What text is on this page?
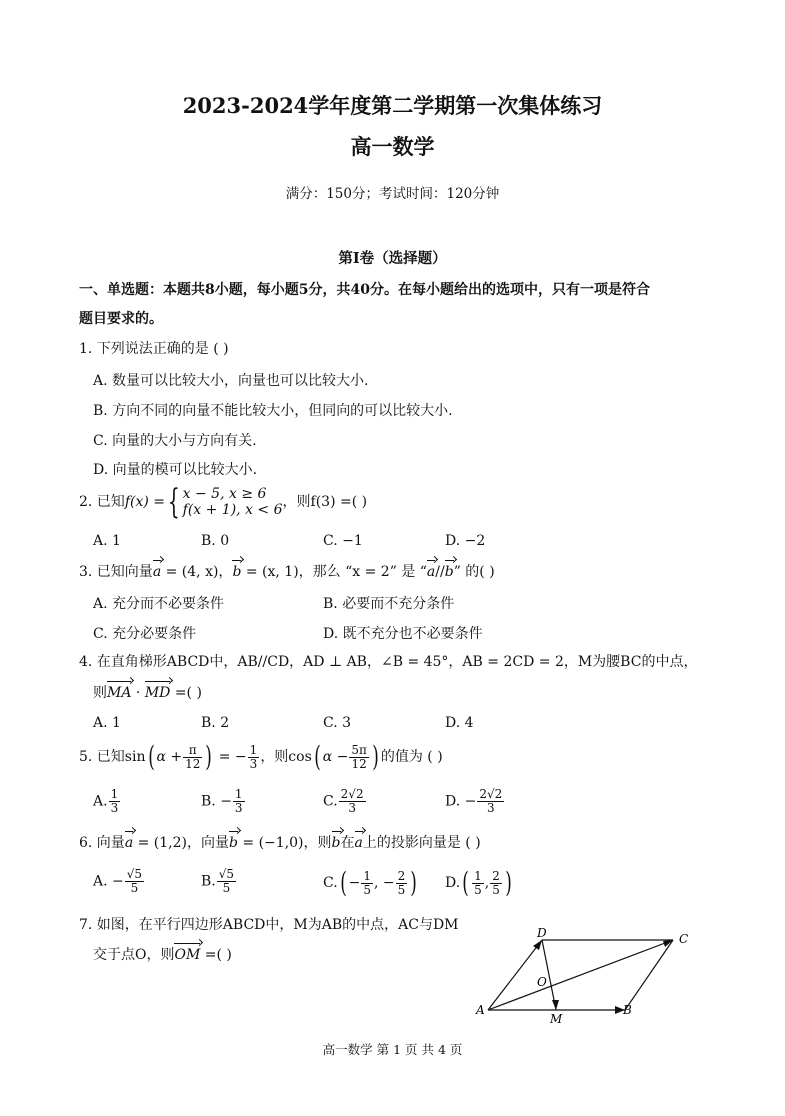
2023-2024学年度第二学期第一次集体练习
高一数学
满分：150分；考试时间：120分钟
第Ⅰ卷（选择题）
一、单选题：本题共8小题，每小题5分，共40分。在每小题给出的选项中，只有一项是符合
题目要求的。
1. 下列说法正确的是 ( )
A. 数量可以比较大小，向量也可以比较大小.
B. 方向不同的向量不能比较大小，但同向的可以比较大小.
C. 向量的大小与方向有关.
D. 向量的模可以比较大小.
2. 已知f(x) ={ x − 5, x ≥ 6
f(x + 1), x < 6 ，则f(3) =( )
A. 1	B. 0	C. −1	D. −2
3. 已知向量a = (4, x)，b = (x, 1)，那么 “x = 2” 是 “a//b” 的( )
A. 充分而不必要条件	B. 必要而不充分条件
C. 充分必要条件	D. 既不充分也不必要条件
4. 在直角梯形ABCD中，AB//CD，AD ⊥ AB，∠B = 45°，AB = 2CD = 2，M为腰BC的中点，
则MA · MD =( )
A. 1	B. 2	C. 3	D. 4
5. 已知sin( $\alpha + \frac{\pi}{12}$ ) = − $\frac{1}{3}$ ，则cos( $\alpha - \frac{5\pi}{12}$ ) 的值为 ( )
A. $\frac{1}{3}$	B. − $\frac{1}{3}$	C. $\frac{2√2}{3}$	D. − $\frac{2√2}{3}$
6. 向量a = (1,2)，向量b = (−1,0)，则b在a上的投影向量是 ( )
A. − $\frac{√5}{5}$	B. $\frac{√5}{5}$	$C.( - \frac{1}{5}$ , − $\frac{2}{5}$ ) $D.( \frac{1}{5}$ , $\frac{2}{5}$ )
7. 如图，在平行四边形ABCD中，M为AB的中点，AC与DM
交于点O，则OM =( )
D	C
O
A
M
B
高一数学 第 1 页 共 4 页
